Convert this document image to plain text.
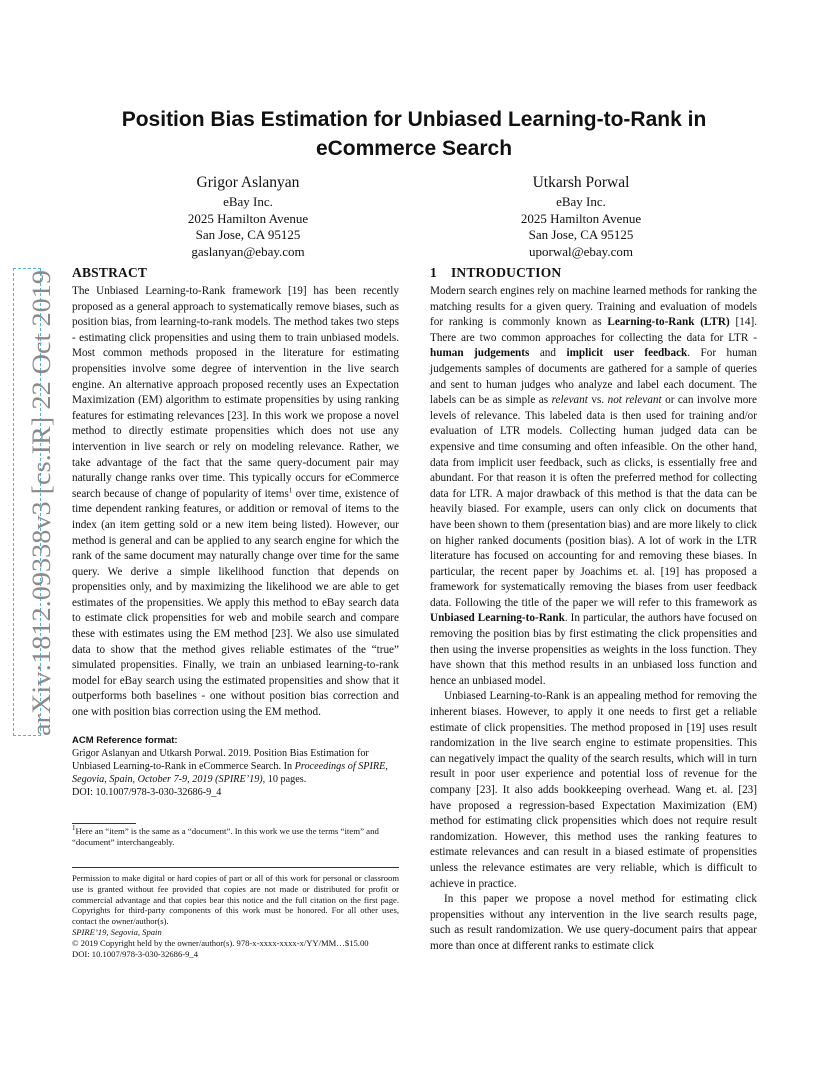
arXiv:1812.09338v3 [cs.IR] 22 Oct 2019
Position Bias Estimation for Unbiased Learning-to-Rank in eCommerce Search
Grigor Aslanyan
eBay Inc.
2025 Hamilton Avenue
San Jose, CA 95125
gaslanyan@ebay.com
Utkarsh Porwal
eBay Inc.
2025 Hamilton Avenue
San Jose, CA 95125
uporwal@ebay.com
ABSTRACT

The Unbiased Learning-to-Rank framework [19] has been recently proposed as a general approach to systematically remove biases, such as position bias, from learning-to-rank models. The method takes two steps - estimating click propensities and using them to train unbiased models. Most common methods proposed in the literature for estimating propensities involve some degree of intervention in the live search engine. An alternative approach proposed recently uses an Expectation Maximization (EM) algorithm to estimate propensities by using ranking features for estimating relevances [23]. In this work we propose a novel method to directly estimate propensities which does not use any intervention in live search or rely on modeling relevance. Rather, we take advantage of the fact that the same query-document pair may naturally change ranks over time. This typically occurs for eCommerce search because of change of popularity of items$^1$ over time, existence of time dependent ranking features, or addition or removal of items to the index (an item getting sold or a new item being listed). However, our method is general and can be applied to any search engine for which the rank of the same document may naturally change over time for the same query. We derive a simple likelihood function that depends on propensities only, and by maximizing the likelihood we are able to get estimates of the propensities. We apply this method to eBay search data to estimate click propensities for web and mobile search and compare these with estimates using the EM method [23]. We also use simulated data to show that the method gives reliable estimates of the “true” simulated propensities. Finally, we train an unbiased learning-to-rank model for eBay search using the estimated propensities and show that it outperforms both baselines - one without position bias correction and one with position bias correction using the EM method.

ACM Reference format:
Grigor Aslanyan and Utkarsh Porwal. 2019. Position Bias Estimation for
Unbiased Learning-to-Rank in eCommerce Search. In Proceedings of SPIRE,
Segovia, Spain, October 7-9, 2019 (SPIRE’19), 10 pages.
DOI: 10.1007/978-3-030-32686-9_4
$^1$Here an “item” is the same as a “document”. In this work we use the terms “item” and “document” interchangeably.
Permission to make digital or hard copies of part or all of this work for personal or classroom use is granted without fee provided that copies are not made or distributed for profit or commercial advantage and that copies bear this notice and the full citation on the first page. Copyrights for third-party components of this work must be honored. For all other uses, contact the owner/author(s).
SPIRE’19, Segovia, Spain
© 2019 Copyright held by the owner/author(s). 978-x-xxxx-xxxx-x/YY/MM…$15.00
DOI: 10.1007/978-3-030-32686-9_4
1 INTRODUCTION

Modern search engines rely on machine learned methods for ranking the matching results for a given query. Training and evaluation of models for ranking is commonly known as Learning-to-Rank (LTR) [14]. There are two common approaches for collecting the data for LTR - human judgements and implicit user feedback. For human judgements samples of documents are gathered for a sample of queries and sent to human judges who analyze and label each document. The labels can be as simple as relevant vs. not relevant or can involve more levels of relevance. This labeled data is then used for training and/or evaluation of LTR models. Collecting human judged data can be expensive and time consuming and often infeasible. On the other hand, data from implicit user feedback, such as clicks, is essentially free and abundant. For that reason it is often the preferred method for collecting data for LTR. A major drawback of this method is that the data can be heavily biased. For example, users can only click on documents that have been shown to them (presentation bias) and are more likely to click on higher ranked documents (position bias). A lot of work in the LTR literature has focused on accounting for and removing these biases. In particular, the recent paper by Joachims et. al. [19] has proposed a framework for systematically removing the biases from user feedback data. Following the title of the paper we will refer to this framework as Unbiased Learning-to-Rank. In particular, the authors have focused on removing the position bias by first estimating the click propensities and then using the inverse propensities as weights in the loss function. They have shown that this method results in an unbiased loss function and hence an unbiased model.

Unbiased Learning-to-Rank is an appealing method for removing the inherent biases. However, to apply it one needs to first get a reliable estimate of click propensities. The method proposed in [19] uses result randomization in the live search engine to estimate propensities. This can negatively impact the quality of the search results, which will in turn result in poor user experience and potential loss of revenue for the company [23]. It also adds bookkeeping overhead. Wang et. al. [23] have proposed a regression-based Expectation Maximization (EM) method for estimating click propensities which does not require result randomization. However, this method uses the ranking features to estimate relevances and can result in a biased estimate of propensities unless the relevance estimates are very reliable, which is difficult to achieve in practice.

In this paper we propose a novel method for estimating click propensities without any intervention in the live search results page, such as result randomization. We use query-document pairs that appear more than once at different ranks to estimate click
